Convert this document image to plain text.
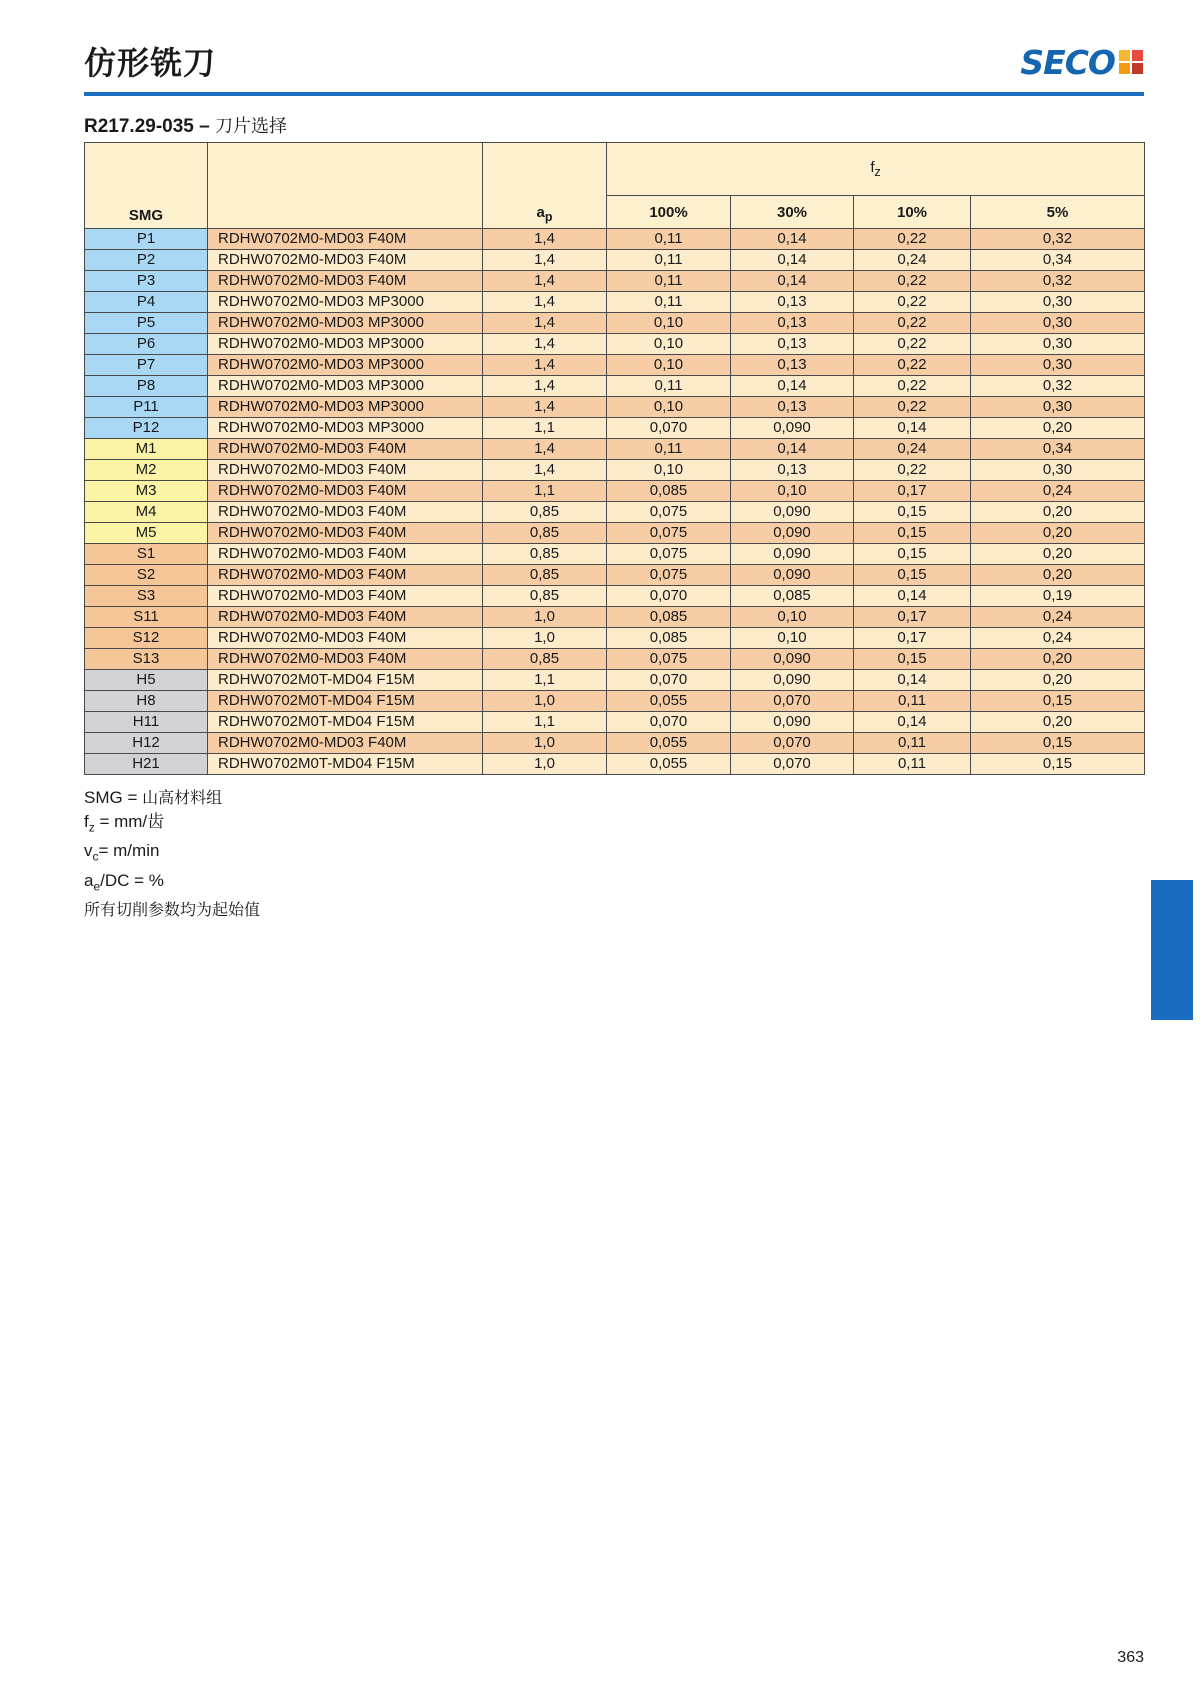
仿形铣刀	SECO
R217.29-035 – 刀片选择
SMG		$a_p$	$f_z$
			100%	30%	10%	5%
P1	RDHW0702M0-MD03 F40M	1,4	0,11	0,14	0,22	0,32
P2	RDHW0702M0-MD03 F40M	1,4	0,11	0,14	0,24	0,34
P3	RDHW0702M0-MD03 F40M	1,4	0,11	0,14	0,22	0,32
P4	RDHW0702M0-MD03 MP3000	1,4	0,11	0,13	0,22	0,30
P5	RDHW0702M0-MD03 MP3000	1,4	0,10	0,13	0,22	0,30
P6	RDHW0702M0-MD03 MP3000	1,4	0,10	0,13	0,22	0,30
P7	RDHW0702M0-MD03 MP3000	1,4	0,10	0,13	0,22	0,30
P8	RDHW0702M0-MD03 MP3000	1,4	0,11	0,14	0,22	0,32
P11	RDHW0702M0-MD03 MP3000	1,4	0,10	0,13	0,22	0,30
P12	RDHW0702M0-MD03 MP3000	1,1	0,070	0,090	0,14	0,20
M1	RDHW0702M0-MD03 F40M	1,4	0,11	0,14	0,24	0,34
M2	RDHW0702M0-MD03 F40M	1,4	0,10	0,13	0,22	0,30
M3	RDHW0702M0-MD03 F40M	1,1	0,085	0,10	0,17	0,24
M4	RDHW0702M0-MD03 F40M	0,85	0,075	0,090	0,15	0,20
M5	RDHW0702M0-MD03 F40M	0,85	0,075	0,090	0,15	0,20
S1	RDHW0702M0-MD03 F40M	0,85	0,075	0,090	0,15	0,20
S2	RDHW0702M0-MD03 F40M	0,85	0,075	0,090	0,15	0,20
S3	RDHW0702M0-MD03 F40M	0,85	0,070	0,085	0,14	0,19
S11	RDHW0702M0-MD03 F40M	1,0	0,085	0,10	0,17	0,24
S12	RDHW0702M0-MD03 F40M	1,0	0,085	0,10	0,17	0,24
S13	RDHW0702M0-MD03 F40M	0,85	0,075	0,090	0,15	0,20
H5	RDHW0702M0T-MD04 F15M	1,1	0,070	0,090	0,14	0,20
H8	RDHW0702M0T-MD04 F15M	1,0	0,055	0,070	0,11	0,15
H11	RDHW0702M0T-MD04 F15M	1,1	0,070	0,090	0,14	0,20
H12	RDHW0702M0-MD03 F40M	1,0	0,055	0,070	0,11	0,15
H21	RDHW0702M0T-MD04 F15M	1,0	0,055	0,070	0,11	0,15
SMG = 山高材料组
$f_z = mm/$齿
$v_c= m/\min$
$a_e/DC$ = %
所有切削参数均为起始值
363
